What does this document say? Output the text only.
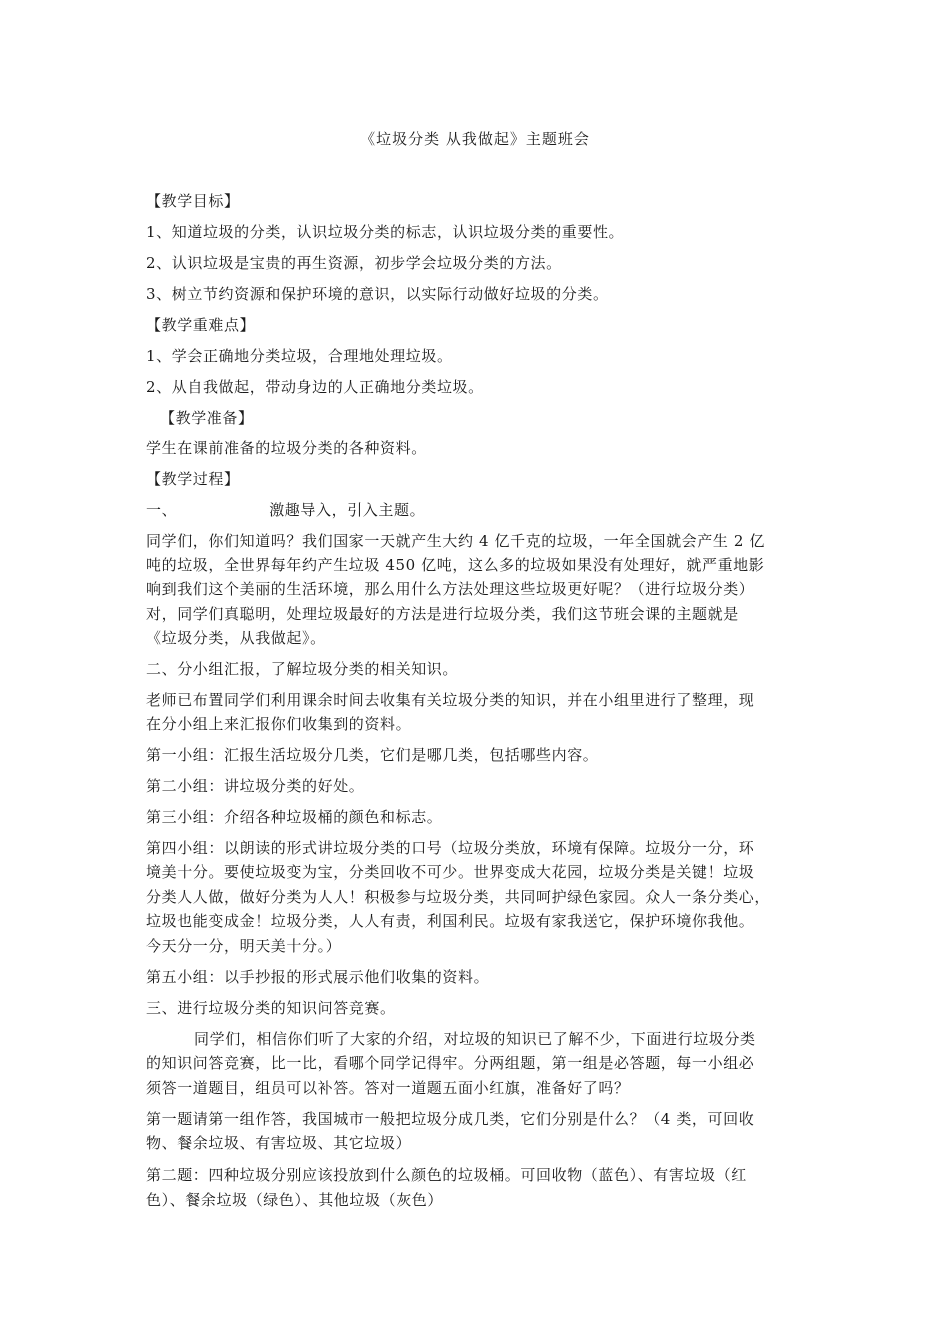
《垃圾分类 从我做起》主题班会
【教学目标】
1、知道垃圾的分类，认识垃圾分类的标志，认识垃圾分类的重要性。
2、认识垃圾是宝贵的再生资源，初步学会垃圾分类的方法。
3、树立节约资源和保护环境的意识，以实际行动做好垃圾的分类。
【教学重难点】
1、学会正确地分类垃圾，合理地处理垃圾。
2、从自我做起，带动身边的人正确地分类垃圾。
【教学准备】
学生在课前准备的垃圾分类的各种资料。
【教学过程】
一、	激趣导入，引入主题。
同学们，你们知道吗？我们国家一天就产生大约 4 亿千克的垃圾，一年全国就会产生 2 亿
吨的垃圾，全世界每年约产生垃圾 450 亿吨，这么多的垃圾如果没有处理好，就严重地影
响到我们这个美丽的生活环境，那么用什么方法处理这些垃圾更好呢？（进行垃圾分类）
对，同学们真聪明，处理垃圾最好的方法是进行垃圾分类，我们这节班会课的主题就是
《垃圾分类，从我做起》。
二、分小组汇报，了解垃圾分类的相关知识。
老师已布置同学们利用课余时间去收集有关垃圾分类的知识，并在小组里进行了整理，现
在分小组上来汇报你们收集到的资料。
第一小组：汇报生活垃圾分几类，它们是哪几类，包括哪些内容。
第二小组：讲垃圾分类的好处。
第三小组：介绍各种垃圾桶的颜色和标志。
第四小组：以朗读的形式讲垃圾分类的口号（垃圾分类放，环境有保障。垃圾分一分，环
境美十分。要使垃圾变为宝，分类回收不可少。世界变成大花园，垃圾分类是关键！垃圾
分类人人做，做好分类为人人！积极参与垃圾分类，共同呵护绿色家园。众人一条分类心，
垃圾也能变成金！垃圾分类，人人有责，利国利民。垃圾有家我送它，保护环境你我他。
今天分一分，明天美十分。）
第五小组：以手抄报的形式展示他们收集的资料。
三、进行垃圾分类的知识问答竞赛。
同学们，相信你们听了大家的介绍，对垃圾的知识已了解不少，下面进行垃圾分类
的知识问答竞赛，比一比，看哪个同学记得牢。分两组题，第一组是必答题，每一小组必
须答一道题目，组员可以补答。答对一道题五面小红旗，准备好了吗？
第一题请第一组作答，我国城市一般把垃圾分成几类，它们分别是什么？（4 类，可回收
物、餐余垃圾、有害垃圾、其它垃圾）
第二题：四种垃圾分别应该投放到什么颜色的垃圾桶。可回收物（蓝色）、有害垃圾（红
色）、餐余垃圾（绿色）、其他垃圾（灰色）
